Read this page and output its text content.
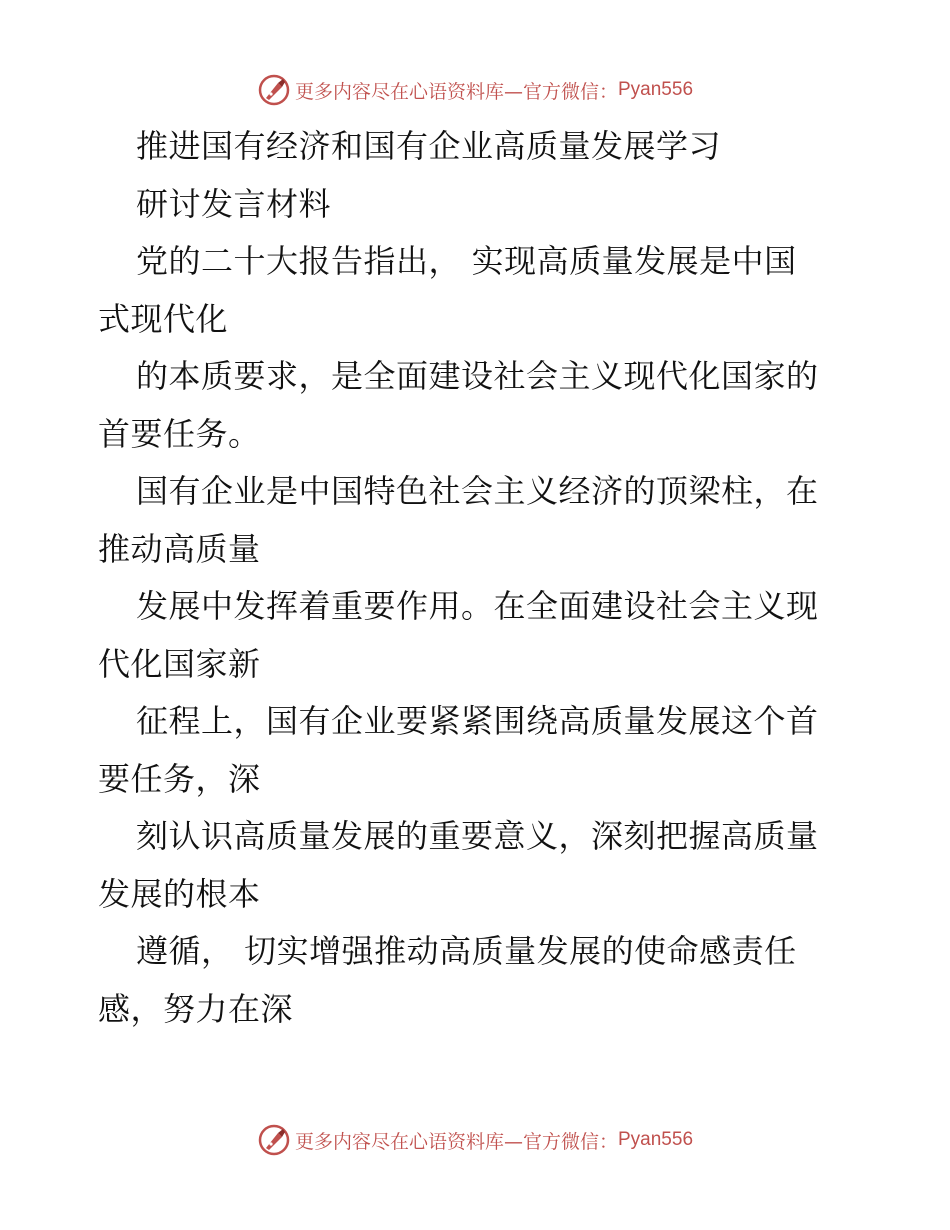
更多内容尽在心语资料库—官方微信： Pyan556
推进国有经济和国有企业高质量发展学习
研讨发言材料
党的二十大报告指出， 实现高质量发展是中国
式现代化
的本质要求，是全面建设社会主义现代化国家的
首要任务。
国有企业是中国特色社会主义经济的顶梁柱，在
推动高质量
发展中发挥着重要作用。在全面建设社会主义现
代化国家新
征程上，国有企业要紧紧围绕高质量发展这个首
要任务，深
刻认识高质量发展的重要意义，深刻把握高质量
发展的根本
遵循， 切实增强推动高质量发展的使命感责任
感，努力在深
更多内容尽在心语资料库—官方微信： Pyan556
